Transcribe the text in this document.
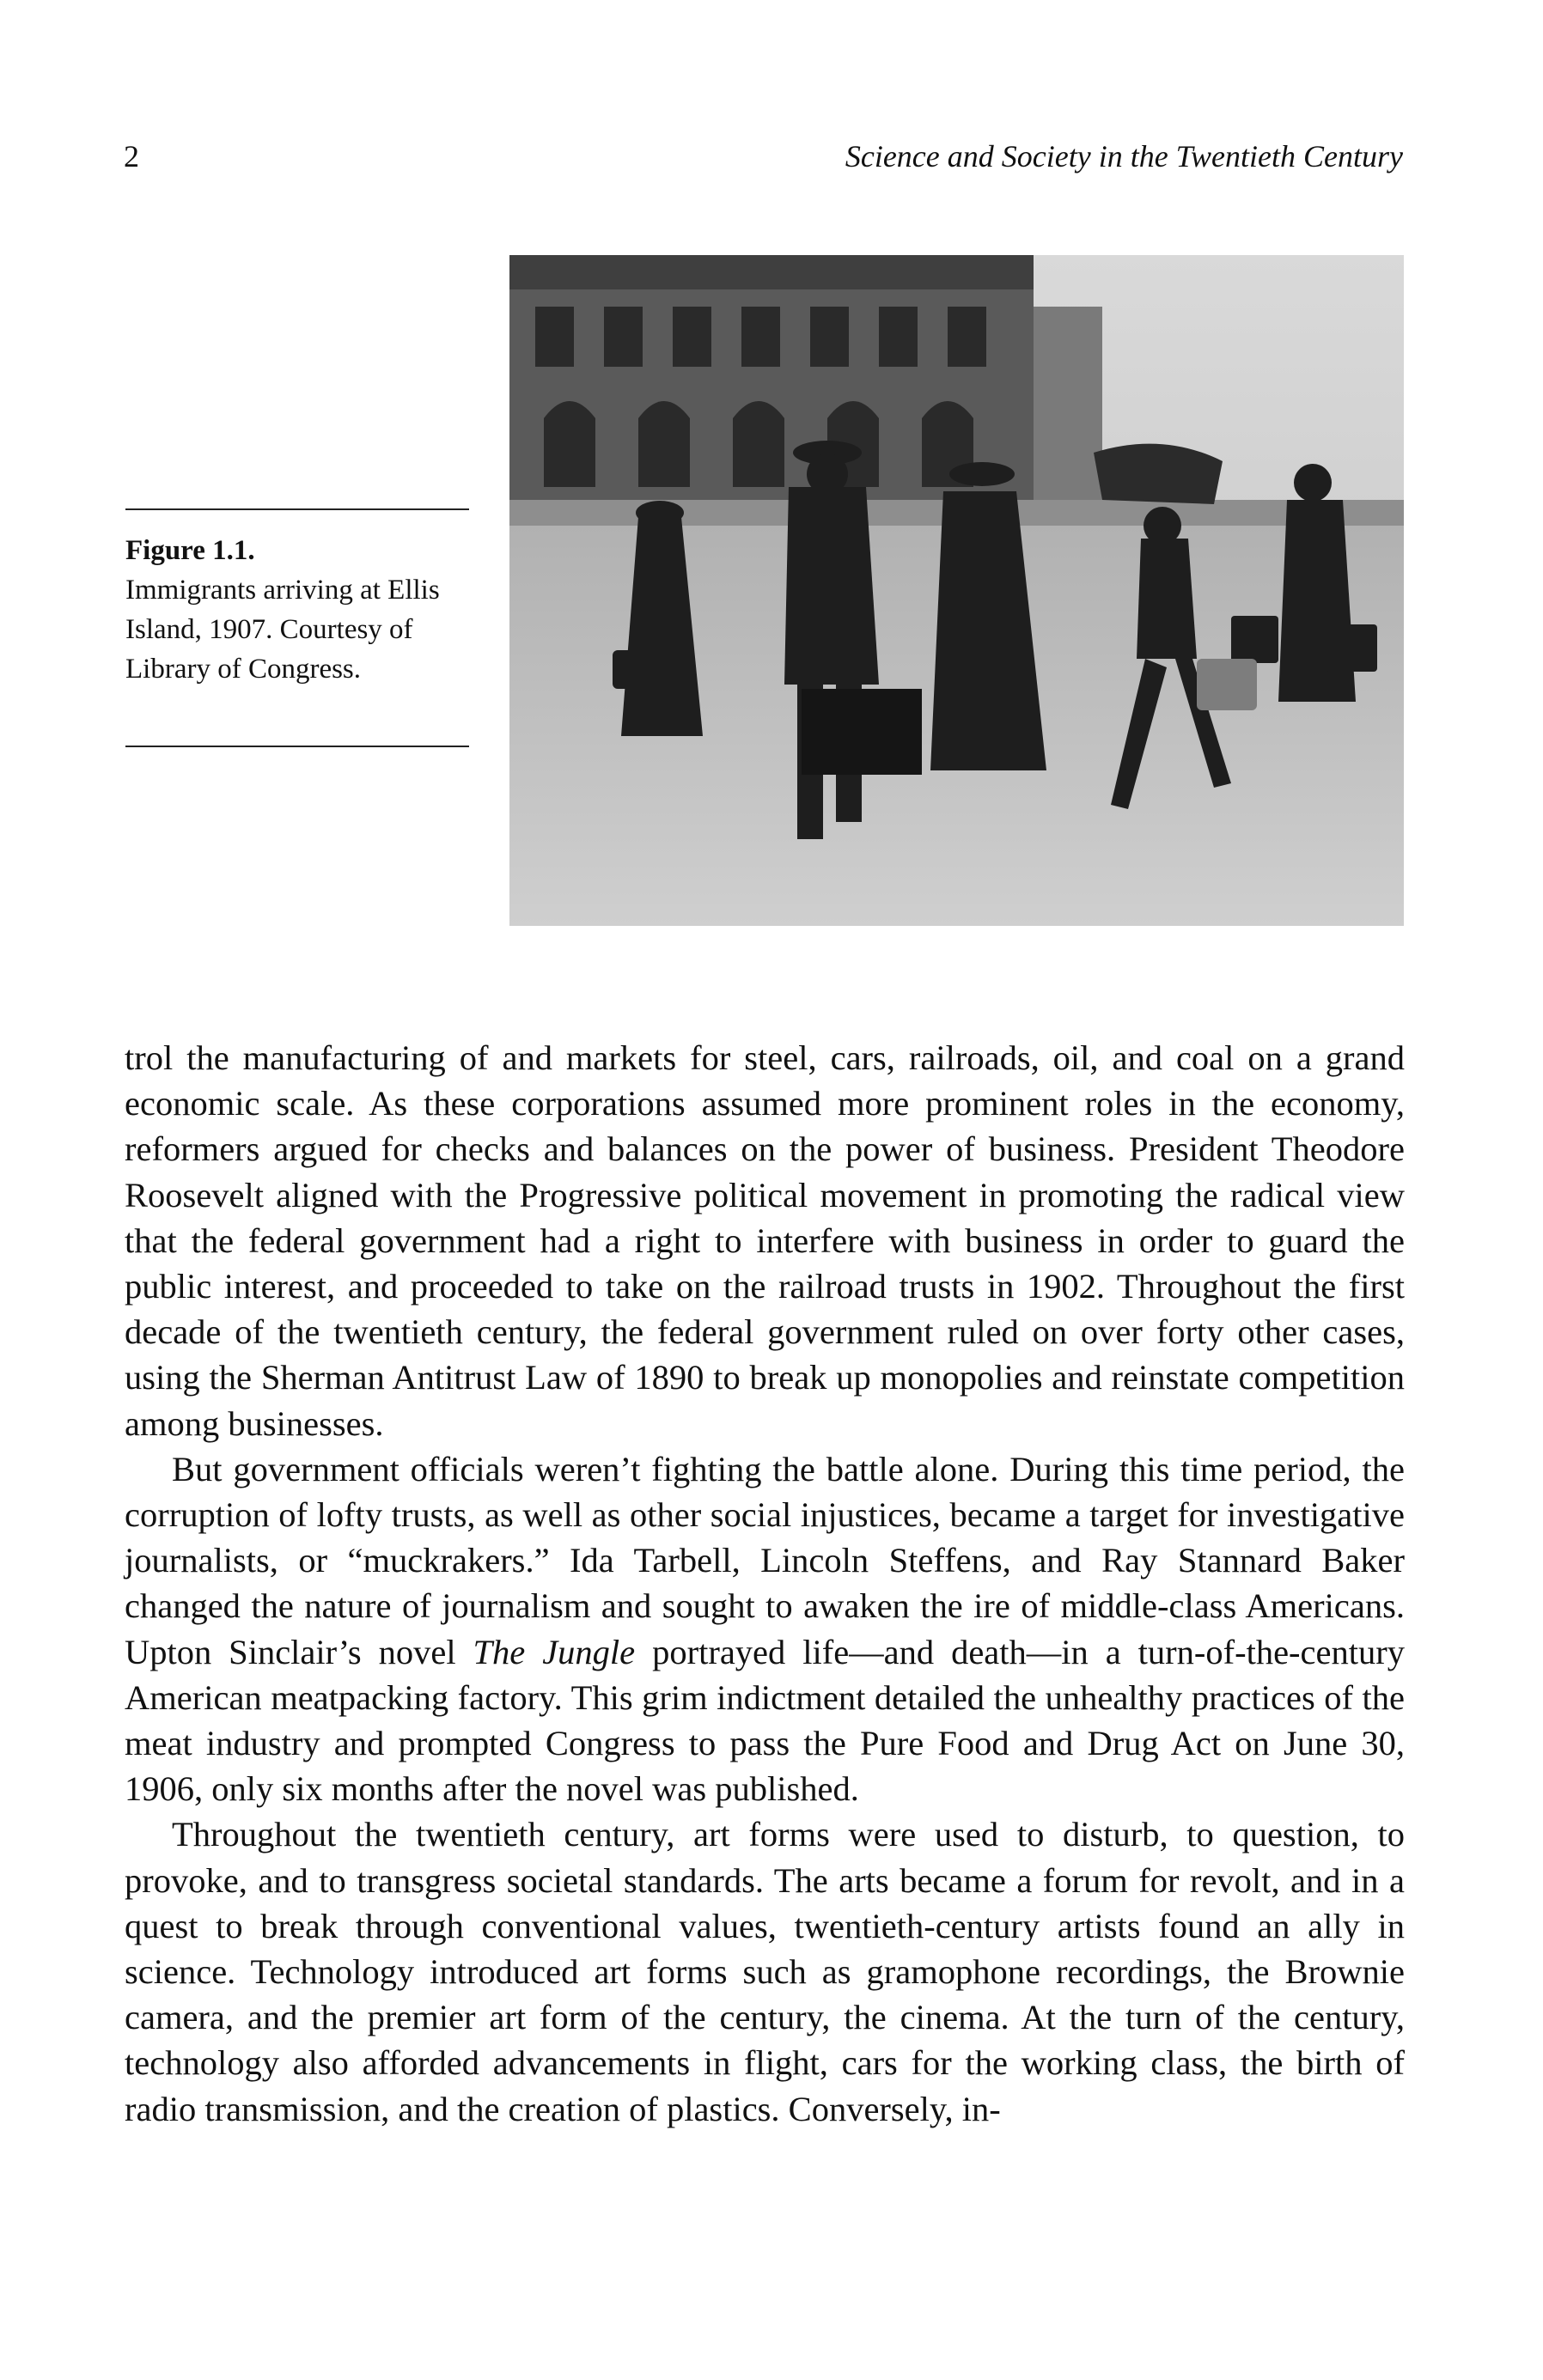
2	Science and Society in the Twentieth Century
Figure 1.1.
Immigrants arriving at Ellis Island, 1907. Courtesy of Library of Congress.

trol the manufacturing of and markets for steel, cars, railroads, oil, and coal on a grand economic scale. As these corporations assumed more prominent roles in the economy, reformers argued for checks and balances on the power of business. President Theodore Roosevelt aligned with the Progressive political movement in promoting the radical view that the federal government had a right to interfere with business in order to guard the public interest, and proceeded to take on the railroad trusts in 1902. Throughout the first decade of the twentieth century, the federal government ruled on over forty other cases, using the Sherman Antitrust Law of 1890 to break up monopolies and reinstate competition among businesses.

But government officials weren’t fighting the battle alone. During this time period, the corruption of lofty trusts, as well as other social injustices, became a target for investigative journalists, or “muckrakers.” Ida Tarbell, Lincoln Steffens, and Ray Stannard Baker changed the nature of journalism and sought to awaken the ire of middle-class Americans. Upton Sinclair’s novel The Jungle portrayed life—and death—in a turn-of-the-century American meatpacking factory. This grim indictment detailed the unhealthy practices of the meat industry and prompted Congress to pass the Pure Food and Drug Act on June 30, 1906, only six months after the novel was published.

Throughout the twentieth century, art forms were used to disturb, to question, to provoke, and to transgress societal standards. The arts became a forum for revolt, and in a quest to break through conventional values, twentieth-century artists found an ally in science. Technology introduced art forms such as gramophone recordings, the Brownie camera, and the premier art form of the century, the cinema. At the turn of the century, technology also afforded advancements in flight, cars for the working class, the birth of radio transmission, and the creation of plastics. Conversely, in-
